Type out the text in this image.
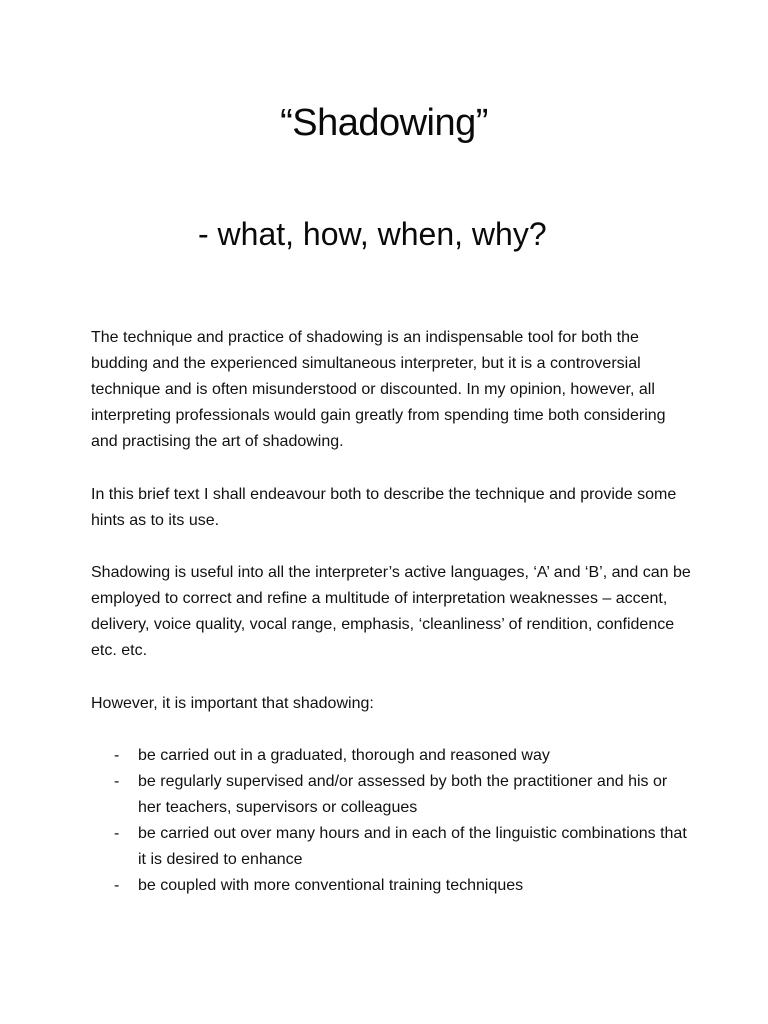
“Shadowing”
- what, how, when, why?

The technique and practice of shadowing is an indispensable tool for both the budding and the experienced simultaneous interpreter, but it is a controversial technique and is often misunderstood or discounted. In my opinion, however, all interpreting professionals would gain greatly from spending time both considering and practising the art of shadowing.

In this brief text I shall endeavour both to describe the technique and provide some hints as to its use.

Shadowing is useful into all the interpreter’s active languages, ‘A’ and ‘B’, and can be employed to correct and refine a multitude of interpretation weaknesses – accent, delivery, voice quality, vocal range, emphasis, ‘cleanliness’ of rendition, confidence etc. etc.

However, it is important that shadowing:

- be carried out in a graduated, thorough and reasoned way
- be regularly supervised and/or assessed by both the practitioner and his or her teachers, supervisors or colleagues
- be carried out over many hours and in each of the linguistic combinations that it is desired to enhance
- be coupled with more conventional training techniques
